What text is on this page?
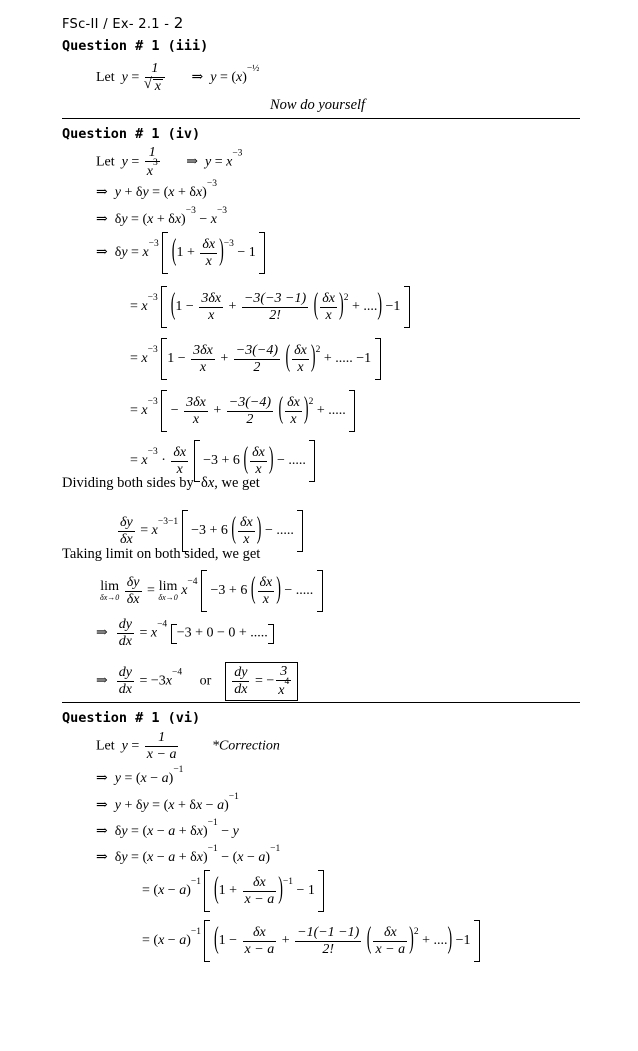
FSc-II / Ex- 2.1 - 2
Question # 1 (iii)
Let y = 1
√ x ⇒  $y = (x)^{-\frac{1}{2}}$
Now do yourself
Question # 1 (iv)
Let $y = \frac{1}{x^3}$ ⇒  $y = x^{-3}$
⇒  $y + \delta y = (x + \delta x)^{-3}$
⇒  $\delta y = (x + \delta x)^{-3} - x^{-3}$
⇒  $\delta y = x^{-3}$ $(1 + \frac{\delta x}{x} )^{-3} - 1$
= $x^{-3}$ ($1 - \frac{3\delta x}{x} + \frac{-3(-3 -1)}{2!}$ ( $\frac{\delta x}{x} )^2$ + ....) −1
= $x^{-3}$ $1 - \frac{3\delta x}{x} + \frac{-3(-4)}{2}$ ( $\frac{\delta x}{x} )^2$ + ..... −1
= $x^{-3} - \frac{3\delta x}{x} + \frac{-3(-4)}{2}$ ( $\frac{\delta x}{x} )^2$ + .....
= $x^{-3} \cdot \frac{\delta x}{x} -3 + 6$ ( $\frac{\delta x}{x}$ ) − .....
Dividing both sides by  δx, we get
$\frac{\delta y}{\delta x} = x^{-3-1} -3 + 6$ ( $\frac{\delta x}{x}$ ) − .....
Taking limit on both sided, we get
lim
δx→0
$\frac{\delta y}{\delta x} = \lim$
δx→0 $x^{-4} -3 + 6$ ( $\frac{\delta x}{x}$ ) − .....
⇒ $\frac{dy}{dx} = x^{-4} -3 + 0 - 0$ + .....
⇒ $\frac{dy}{dx} = -3x^{-4}$     or $\frac{dy}{dx}$ = − $\frac{3}{x^4}$
Question # 1 (vi)
Let $y = \frac{1}{x - a}$ *Correction
⇒  $y = (x - a)^{-1}$
⇒  $y + \delta y = (x + \delta x - a)^{-1}$
⇒  $\delta y = (x - a + \delta x)^{-1} - y$
⇒  $\delta y = (x - a + \delta x)^{-1} - (x - a)^{-1}$
= $(x - a)^{-1}$ $(1 + \frac{\delta x}{x - a} )^{-1} - 1$
= $(x - a)^{-1}$ ($1 - \frac{\delta x}{x - a} + \frac{-1(-1 -1)}{2!}$ ( $\frac{\delta x}{x - a} )^2$ + ....) −1
